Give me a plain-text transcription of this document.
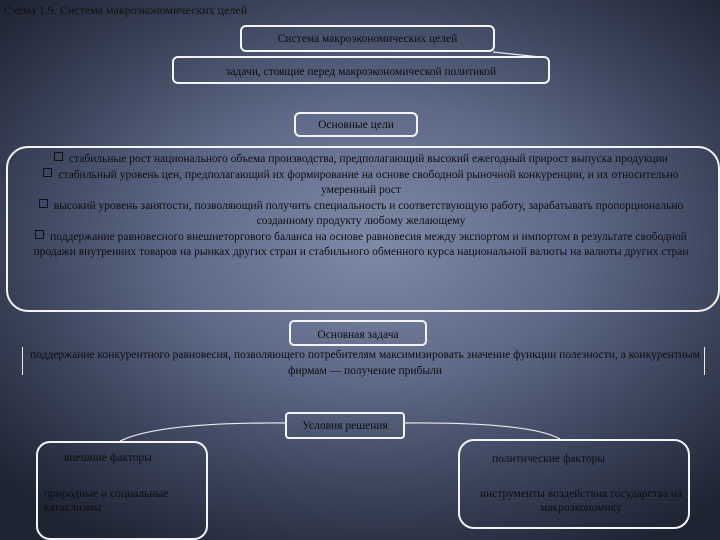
Схема 1.9. Система макроэкономических целей
Система макроэкономических целей
задачи, стоящие перед макроэкономической политикой
Основные цели
стабильные рост национального объема производства, предполагающий высокий ежегодный прирост выпуска продукции
стабильный уровень цен, предполагающий их формирование на основе свободной рыночной конкуренции, и их относительно умеренный рост
высокий уровень занятости, позволяющий получить специальность и соответствующую работу, зарабатывать пропорционально созданному продукту любому желающему
поддержание равновесного внешнеторгового баланса на основе равновесия между экспортом и импортом в результате свободной продажи внутренних товаров на рынках других стран и стабильного обменного курса национальной валюты на валюты других стран
Основная задача
поддержание конкурентного равновесия, позволяющего потребителям максимизировать значение функции полезности, а конкурентным фирмам — получение прибыли
Условия решения
внешние факторы
природные и социальные катаклизмы
политические факторы
инструменты воздействия государства на макроэкономику
